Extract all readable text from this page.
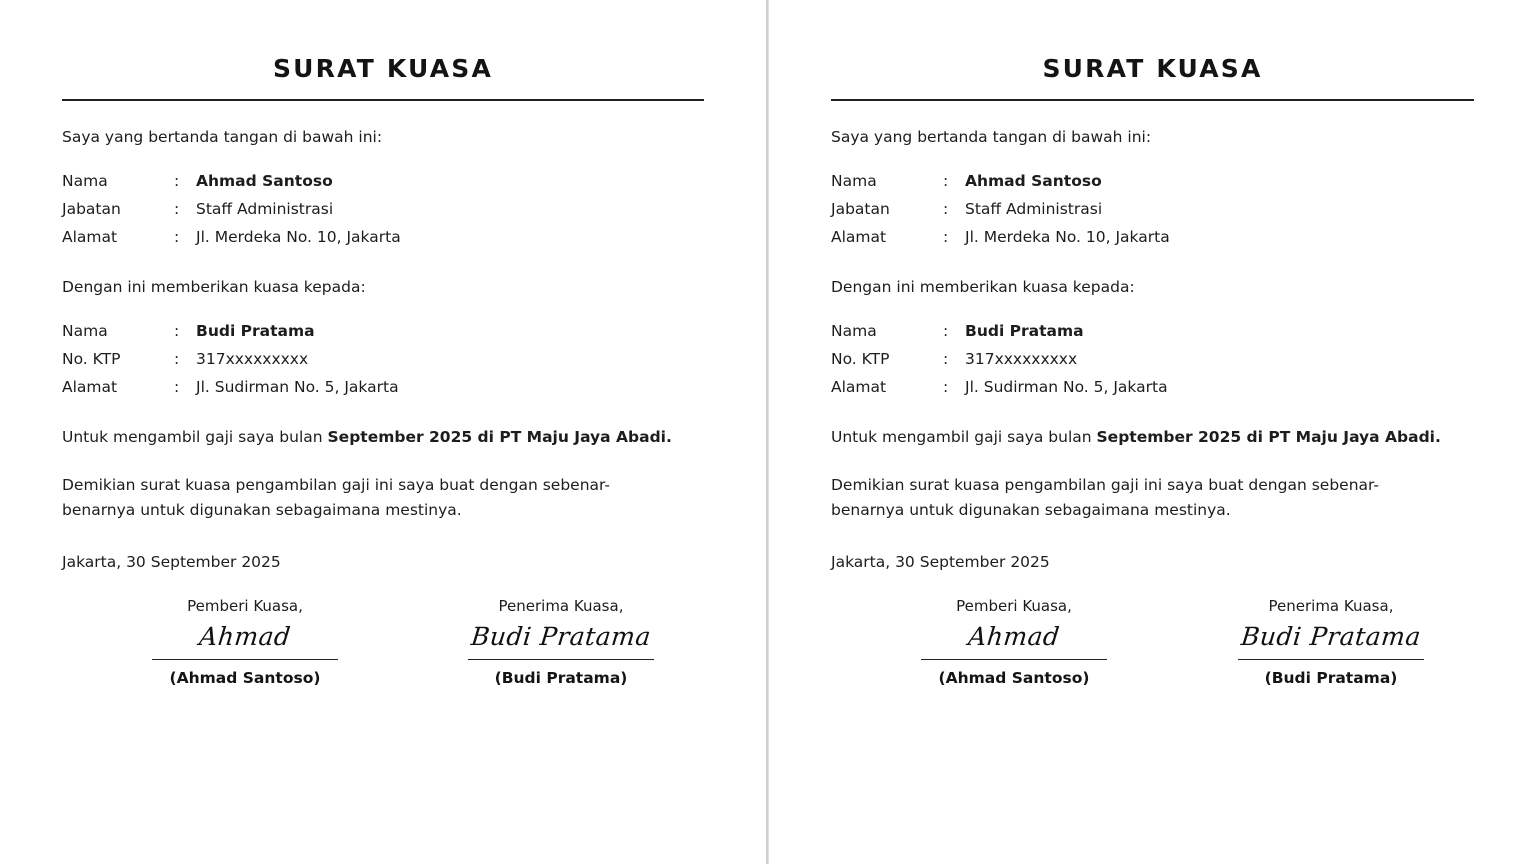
SURAT KUASA

Saya yang bertanda tangan di bawah ini:

Nama	:	Ahmad Santoso
Jabatan	:	Staff Administrasi
Alamat	:	Jl. Merdeka No. 10, Jakarta

Dengan ini memberikan kuasa kepada:

Nama	:	Budi Pratama
No. KTP	:	317xxxxxxxxx
Alamat	:	Jl. Sudirman No. 5, Jakarta

Untuk mengambil gaji saya bulan September 2025 di PT Maju Jaya Abadi.

Demikian surat kuasa pengambilan gaji ini saya buat dengan sebenar-benarnya untuk digunakan sebagaimana mestinya.

Jakarta, 30 September 2025

Pemberi Kuasa,
Ahmad
(Ahmad Santoso)
Penerima Kuasa,
Budi Pratama
(Budi Pratama)
SURAT KUASA

Saya yang bertanda tangan di bawah ini:

Nama	:	Ahmad Santoso
Jabatan	:	Staff Administrasi
Alamat	:	Jl. Merdeka No. 10, Jakarta

Dengan ini memberikan kuasa kepada:

Nama	:	Budi Pratama
No. KTP	:	317xxxxxxxxx
Alamat	:	Jl. Sudirman No. 5, Jakarta

Untuk mengambil gaji saya bulan September 2025 di PT Maju Jaya Abadi.

Demikian surat kuasa pengambilan gaji ini saya buat dengan sebenar-benarnya untuk digunakan sebagaimana mestinya.

Jakarta, 30 September 2025

Pemberi Kuasa,
Ahmad
(Ahmad Santoso)
Penerima Kuasa,
Budi Pratama
(Budi Pratama)
